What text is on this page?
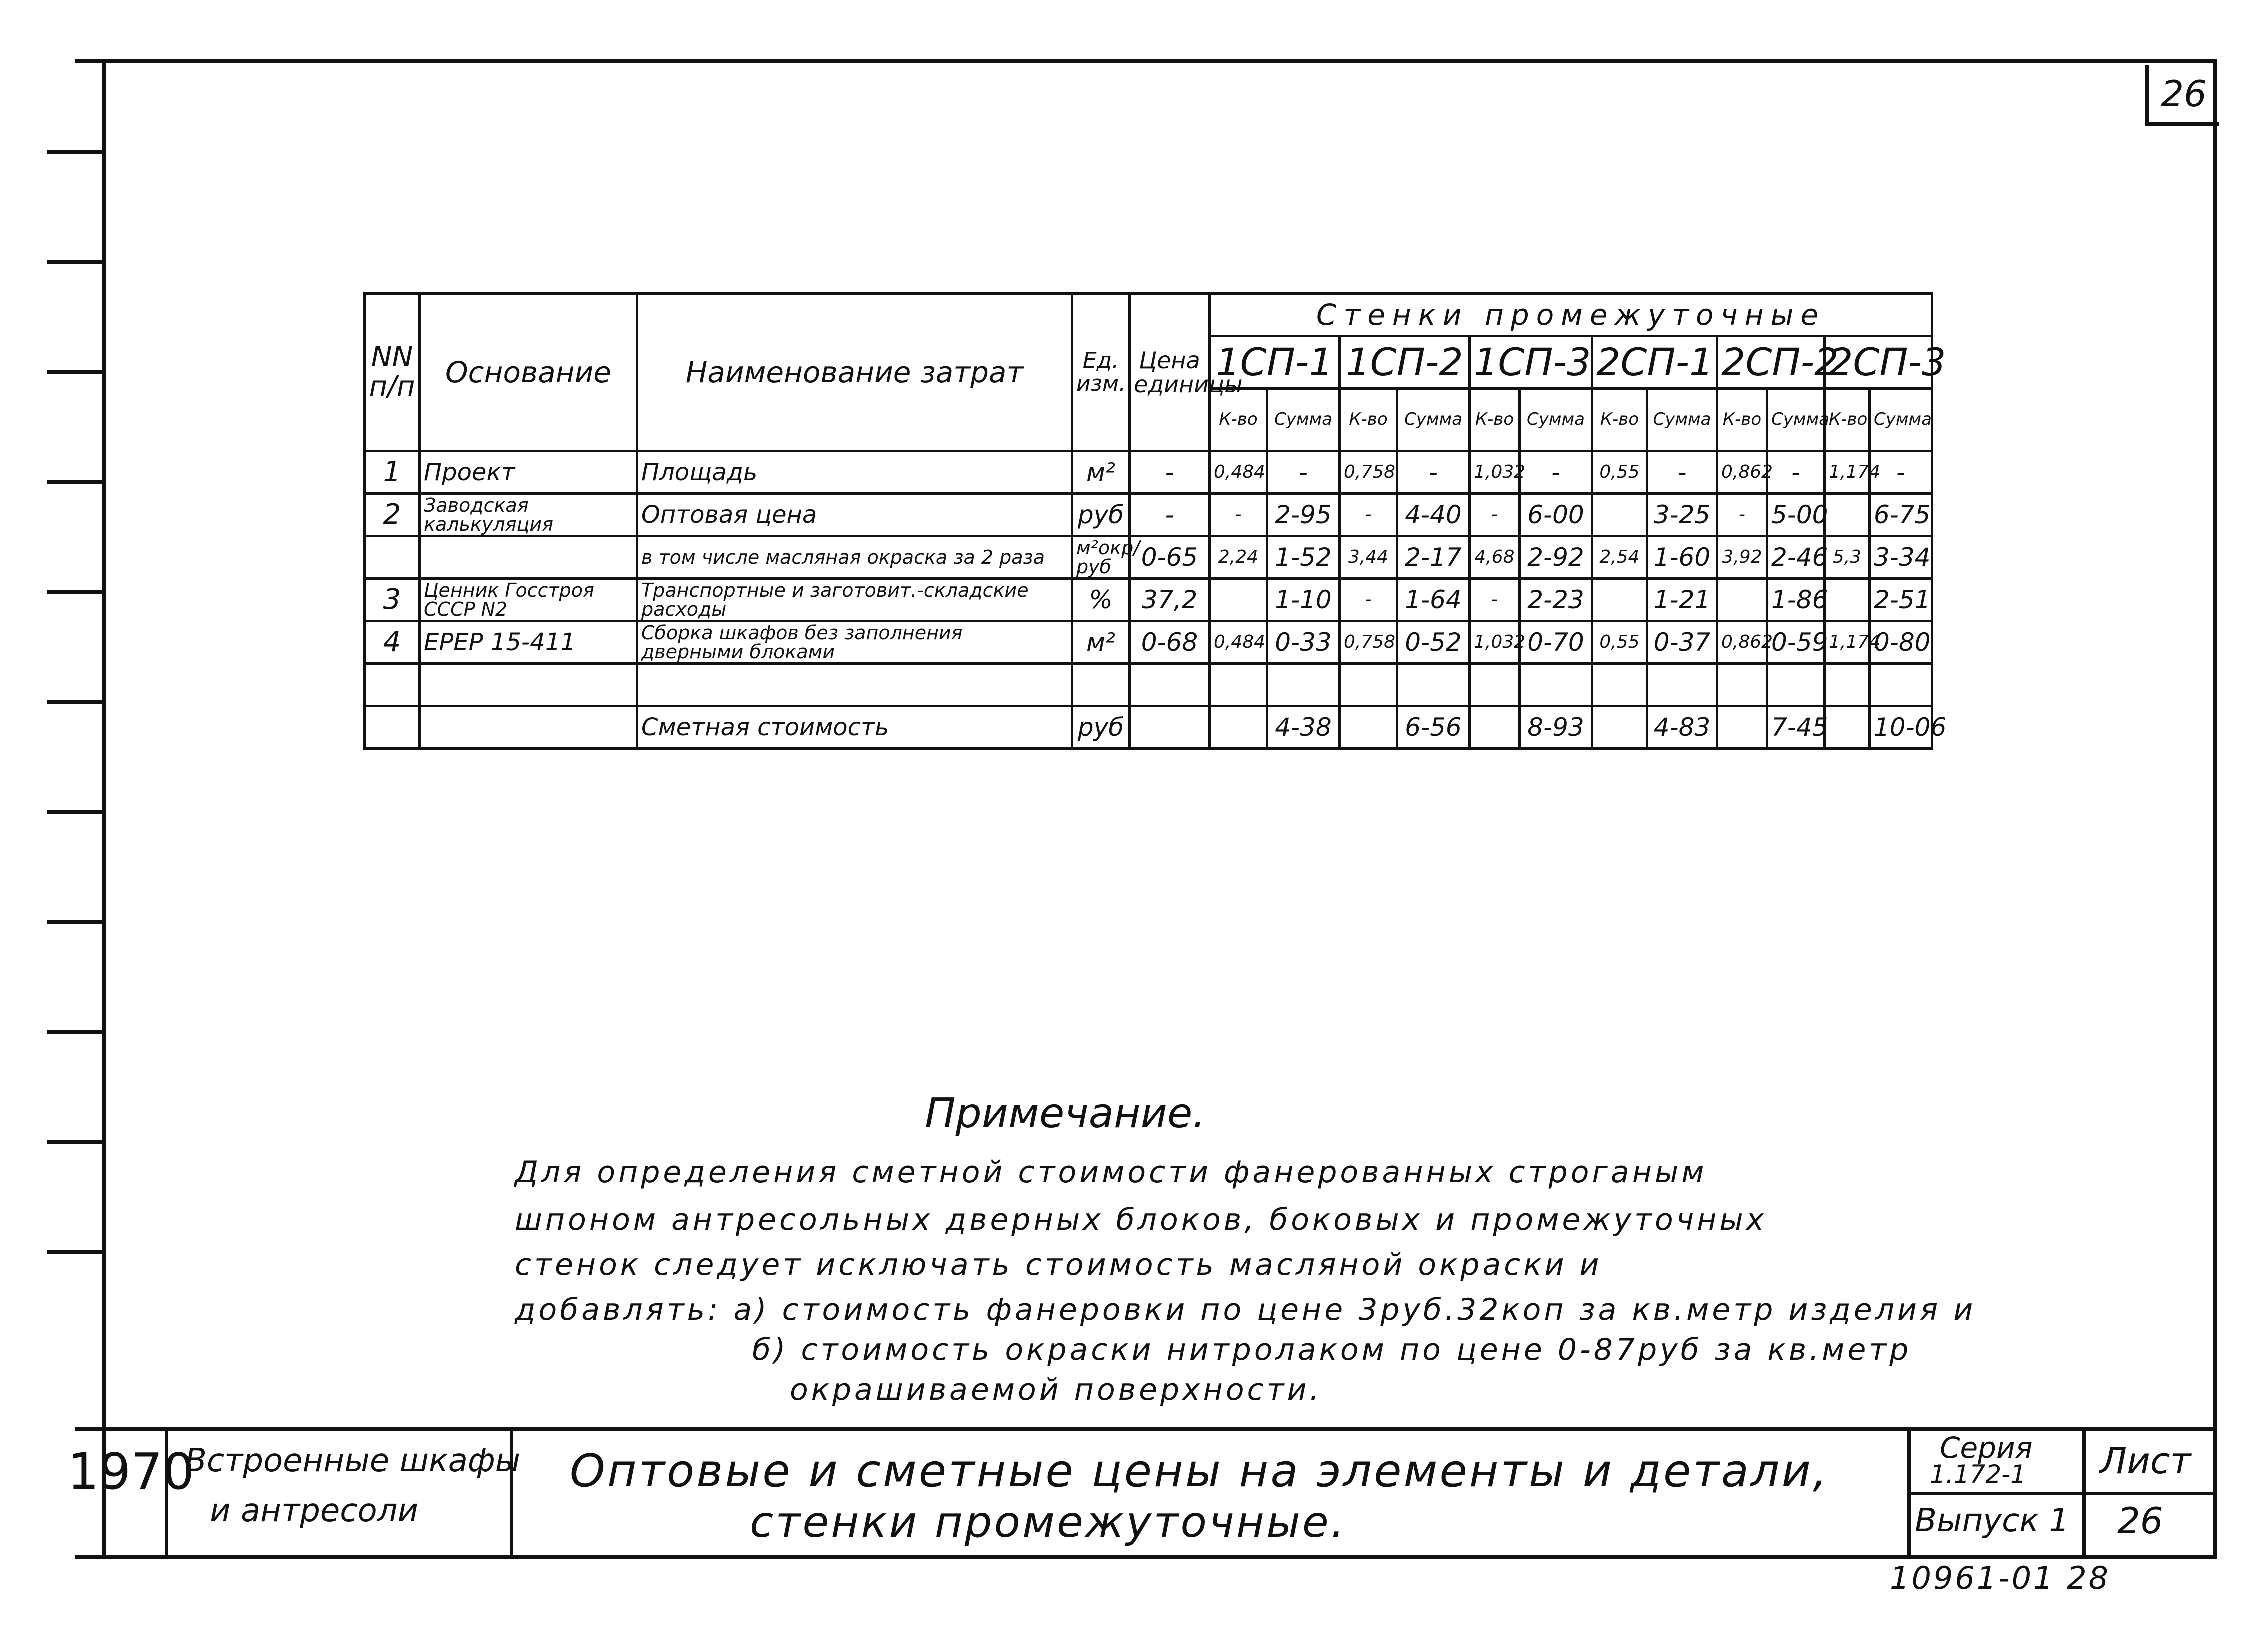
26
NN п/п	Основание	Наименование затрат	Ед. изм.	Цена единицы	Стенки промежуточные											
					1СП-1		1СП-2		1СП-3		2СП-1		2СП-2		2СП-3	
					К-во	Сумма	К-во	Сумма	К-во	Сумма	К-во	Сумма	К-во	Сумма	К-во	Сумма
1	Проект	Площадь	м²	-	0,484	-	0,758	-	1,032	-	0,55	-	0,862	-	1,174	-
2	Заводская калькуляция	Оптовая цена	руб	-	-	2-95	-	4-40	-	6-00		3-25	-	5-00		6-75
		в том числе масляная окраска за 2 раза	м²окр/руб	0-65	2,24	1-52	3,44	2-17	4,68	2-92	2,54	1-60	3,92	2-46	5,3	3-34
3	Ценник Госстроя СССР N2	Транспортные и заготовит.-складские расходы	%	37,2		1-10	-	1-64	-	2-23		1-21		1-86		2-51
4	ЕРЕР 15-411	Сборка шкафов без заполнения дверными блоками	м²	0-68	0,484	0-33	0,758	0-52	1,032	0-70	0,55	0-37	0,862	0-59	1,174	0-80

		Сметная стоимость	руб			4-38		6-56		8-93		4-83		7-45		10-06
Примечание.
Для определения сметной стоимости фанерованных строганым
шпоном антресольных дверных блоков, боковых и промежуточных
стенок следует исключать стоимость масляной окраски и
добавлять: а) стоимость фанеровки по цене 3руб.32коп за кв.метр изделия и
б) стоимость окраски нитролаком по цене 0-87руб за кв.метр
окрашиваемой поверхности.
1970
Встроенные шкафы
и антресоли
Оптовые и сметные цены на элементы и детали,
стенки промежуточные.
Серия
1.172-1
Выпуск 1
Лист
26
10961-01 28
